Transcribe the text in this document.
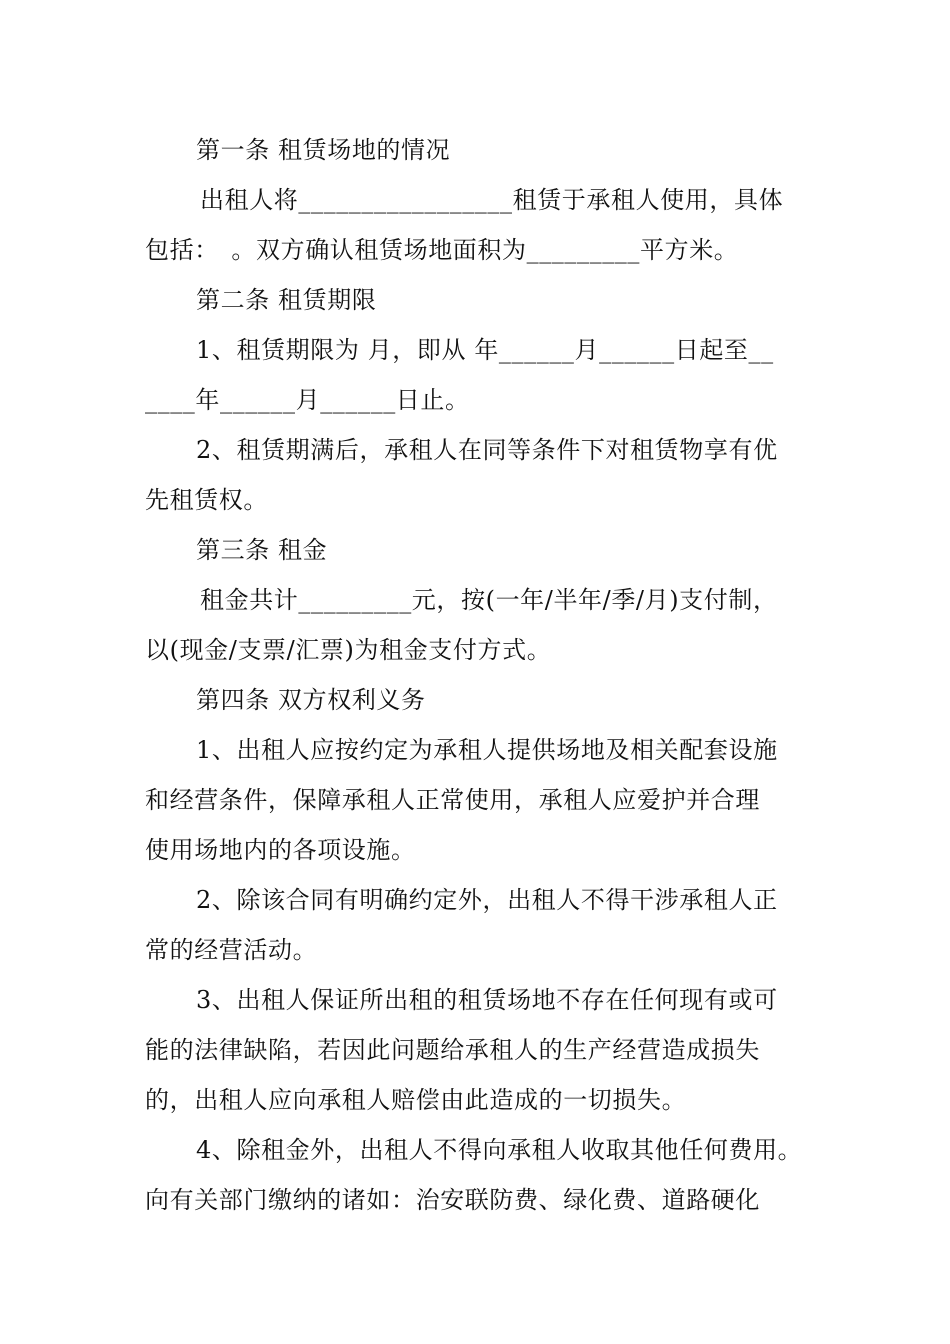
第一条 租赁场地的情况
出租人将_________________租赁于承租人使用，具体
包括：　。双方确认租赁场地面积为_________平方米。
第二条 租赁期限
1、租赁期限为 月，即从 年______月______日起至__
____年______月______日止。
2、租赁期满后，承租人在同等条件下对租赁物享有优
先租赁权。
第三条 租金
租金共计_________元，按(一年/半年/季/月)支付制，
以(现金/支票/汇票)为租金支付方式。
第四条 双方权利义务
1、出租人应按约定为承租人提供场地及相关配套设施
和经营条件，保障承租人正常使用，承租人应爱护并合理
使用场地内的各项设施。
2、除该合同有明确约定外，出租人不得干涉承租人正
常的经营活动。
3、出租人保证所出租的租赁场地不存在任何现有或可
能的法律缺陷，若因此问题给承租人的生产经营造成损失
的，出租人应向承租人赔偿由此造成的一切损失。
4、除租金外，出租人不得向承租人收取其他任何费用。
向有关部门缴纳的诸如：治安联防费、绿化费、道路硬化
